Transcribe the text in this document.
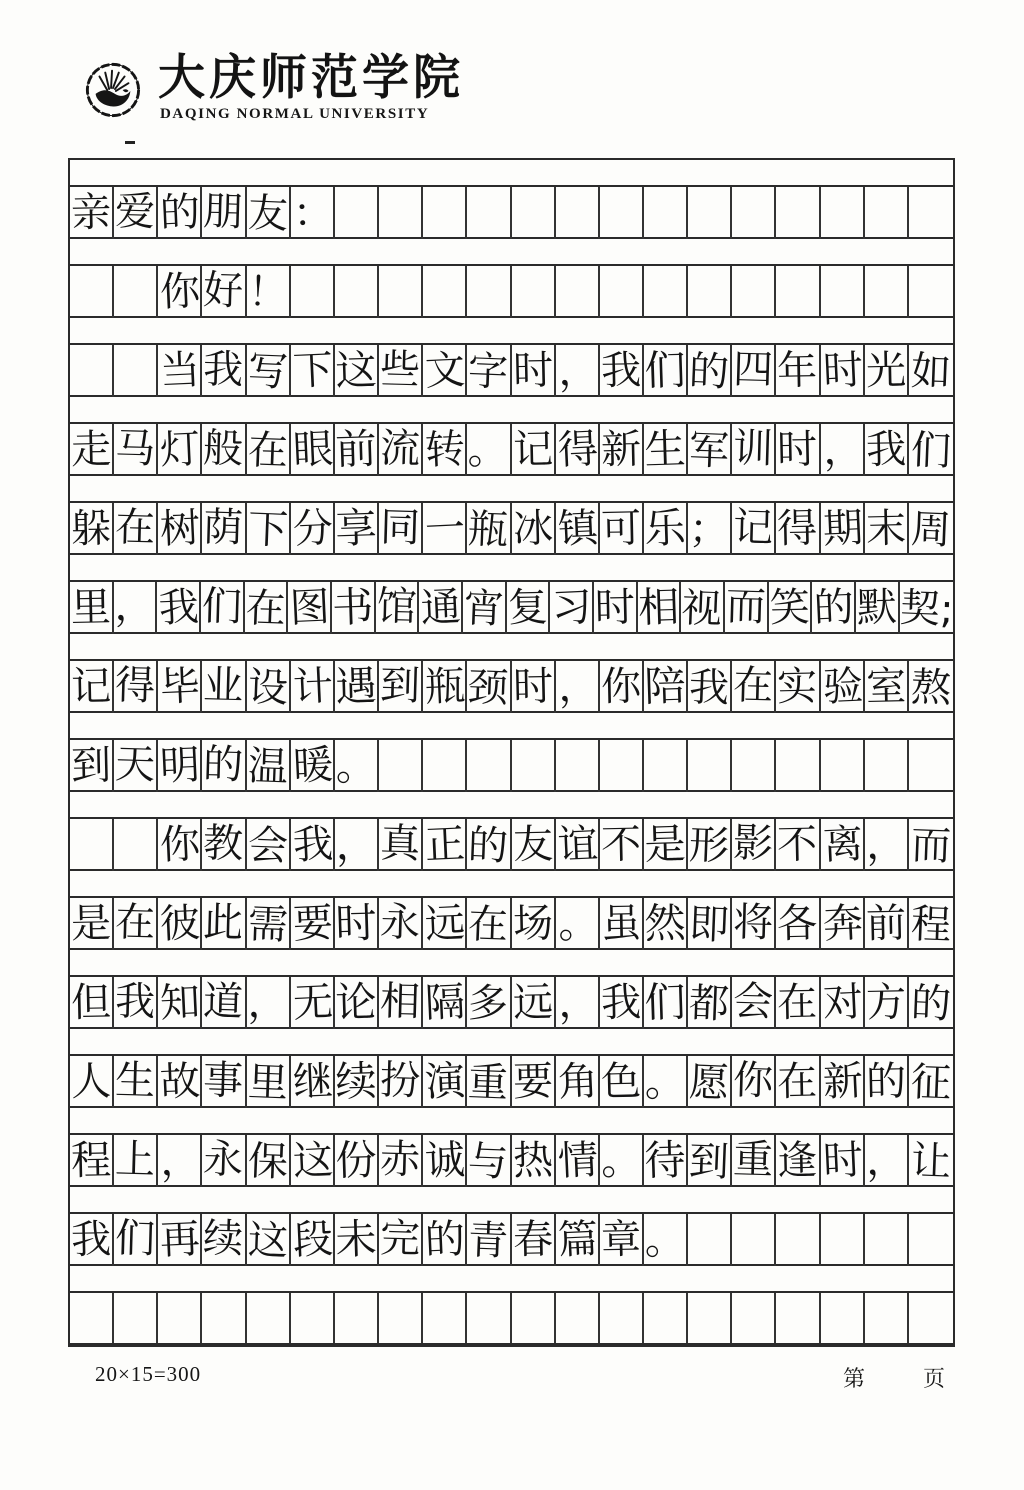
大庆师范学院
DAQING NORMAL UNIVERSITY
亲 爱 的 朋 友 ：
你 好 ！
当 我 写 下 这 些 文 字 时 ， 我 们 的 四 年 时 光 如
走 马 灯 般 在 眼 前 流 转 。 记 得 新 生 军 训 时 ， 我 们
躲 在 树 荫 下 分 享 同 一 瓶 冰 镇 可 乐 ； 记 得 期 末 周
里 ， 我 们 在 图 书 馆 通 宵 复 习 时 相 视 而 笑 的 默 契;
记 得 毕 业 设 计 遇 到 瓶 颈 时 ， 你 陪 我 在 实 验 室 熬
到 天 明 的 温 暖 。
你 教 会 我 ， 真 正 的 友 谊 不 是 形 影 不 离 ， 而
是 在 彼 此 需 要 时 永 远 在 场 。 虽 然 即 将 各 奔 前 程
但 我 知 道 ， 无 论 相 隔 多 远 ， 我 们 都 会 在 对 方 的
人 生 故 事 里 继 续 扮 演 重 要 角 色 。 愿 你 在 新 的 征
程 上 ， 永 保 这 份 赤 诚 与 热 情 。 待 到 重 逢 时 ， 让
我 们 再 续 这 段 未 完 的 青 春 篇 章 。
20×15=300	第	页
